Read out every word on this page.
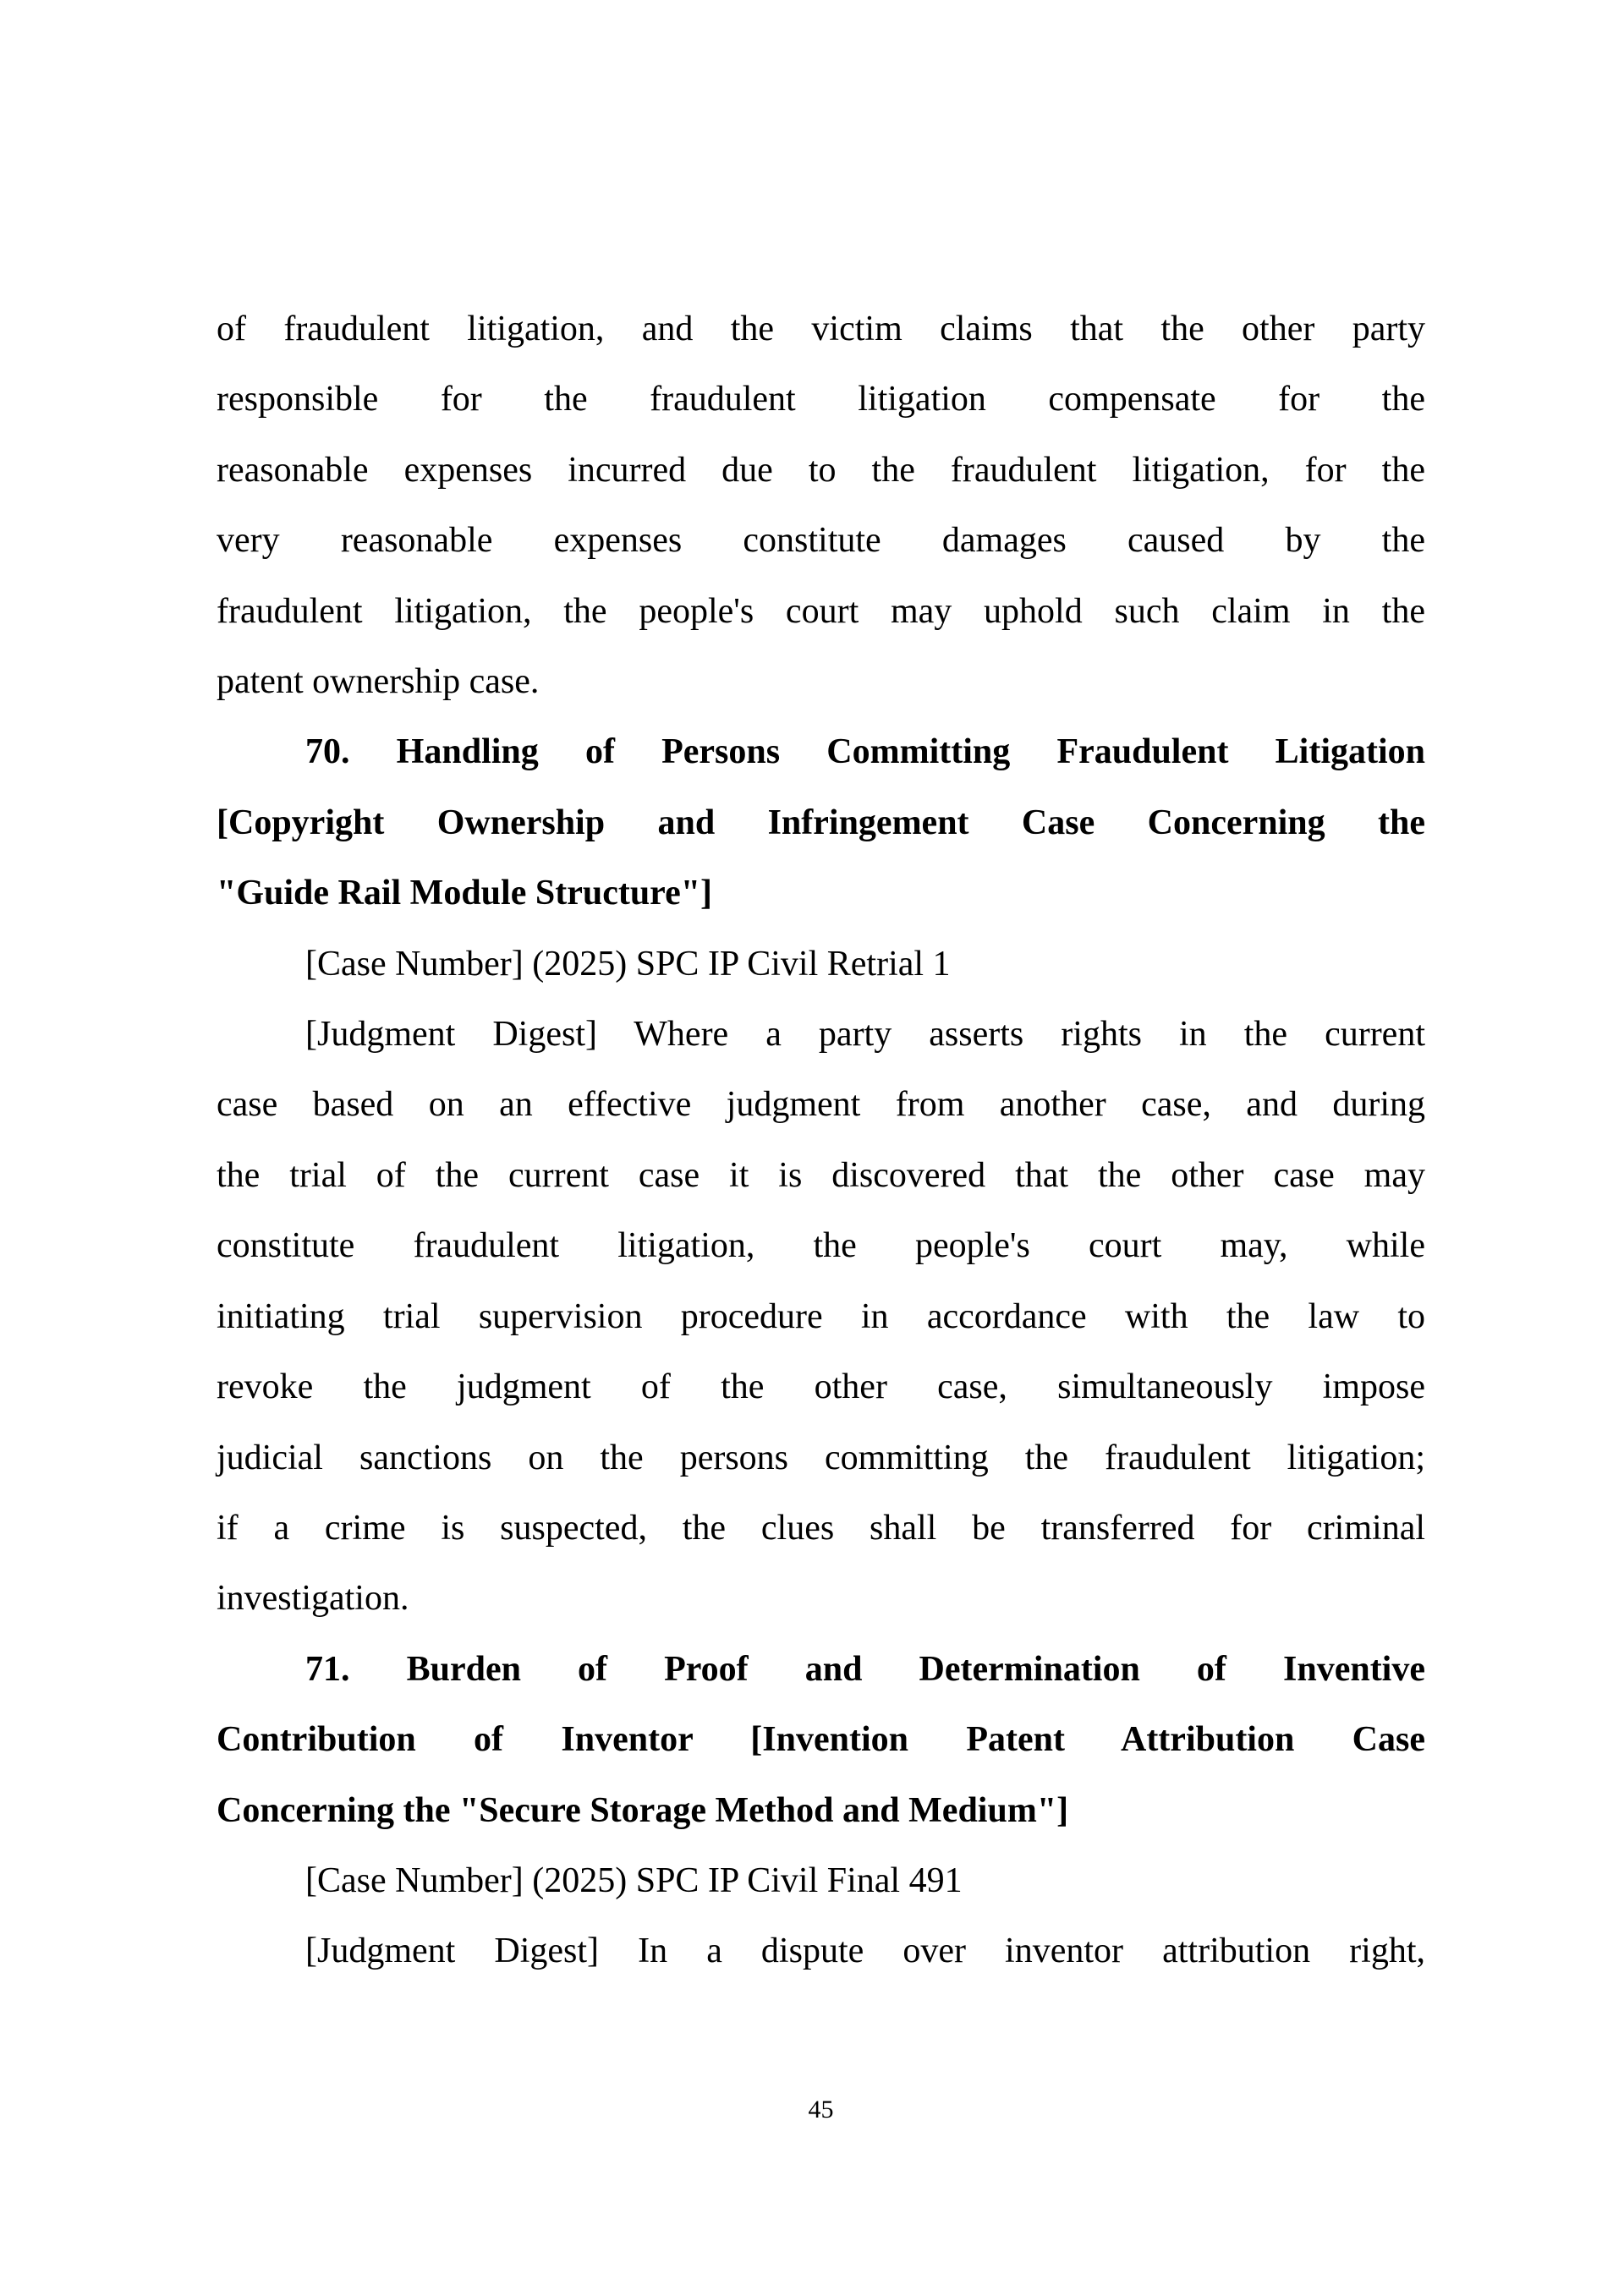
of fraudulent litigation, and the victim claims that the other party
responsible for the fraudulent litigation compensate for the
reasonable expenses incurred due to the fraudulent litigation, for the
very reasonable expenses constitute damages caused by the
fraudulent litigation, the people's court may uphold such claim in the
patent ownership case.

70. Handling of Persons Committing Fraudulent Litigation
[Copyright Ownership and Infringement Case Concerning the
"Guide Rail Module Structure"]

[Case Number] (2025) SPC IP Civil Retrial 1

[Judgment Digest] Where a party asserts rights in the current
case based on an effective judgment from another case, and during
the trial of the current case it is discovered that the other case may
constitute fraudulent litigation, the people's court may, while
initiating trial supervision procedure in accordance with the law to
revoke the judgment of the other case, simultaneously impose
judicial sanctions on the persons committing the fraudulent litigation;
if a crime is suspected, the clues shall be transferred for criminal
investigation.

71. Burden of Proof and Determination of Inventive
Contribution of Inventor [Invention Patent Attribution Case
Concerning the "Secure Storage Method and Medium"]

[Case Number] (2025) SPC IP Civil Final 491

[Judgment Digest] In a dispute over inventor attribution right,

45
